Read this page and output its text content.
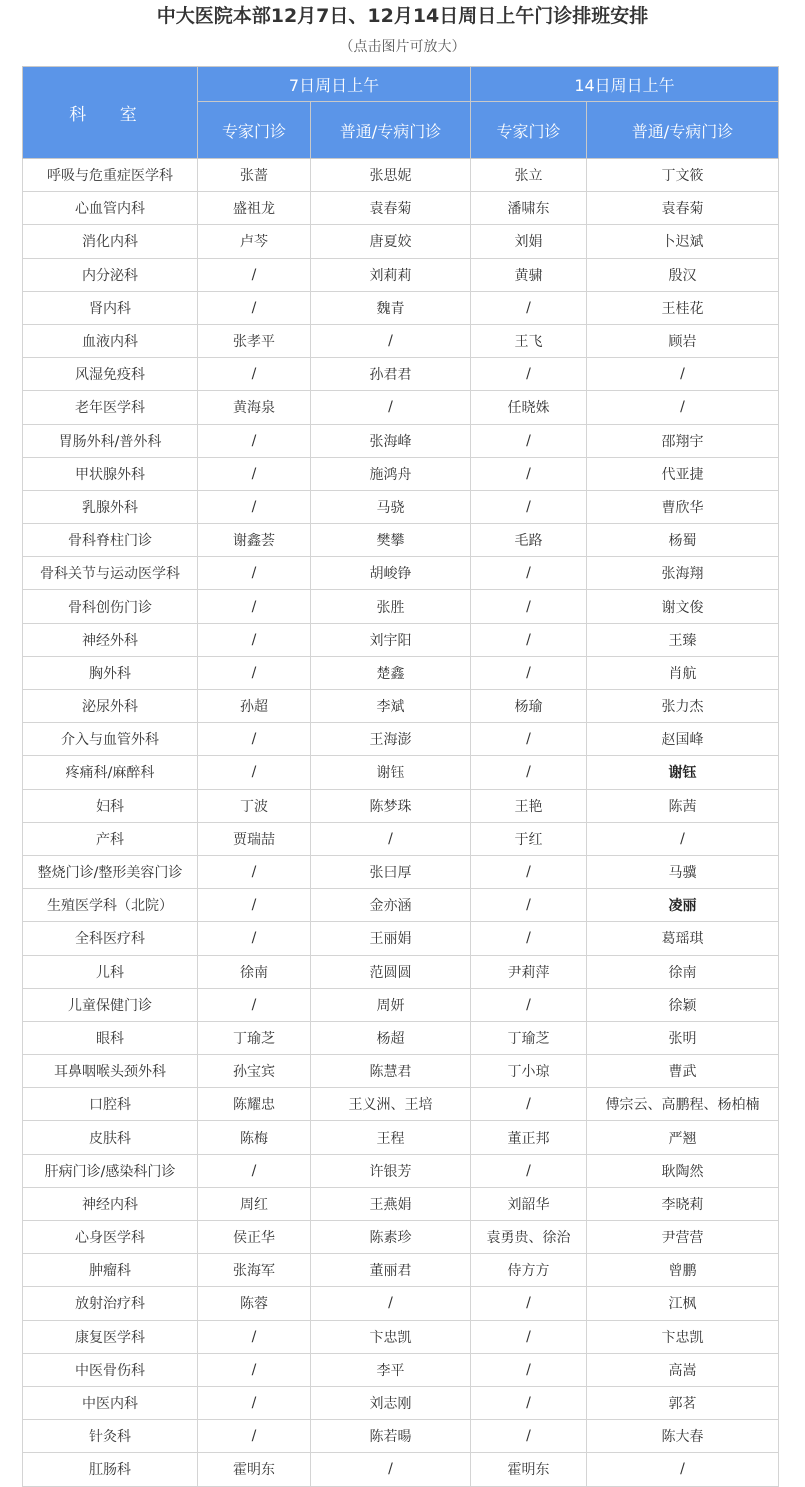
中大医院本部12月7日、12月14日周日上午门诊排班安排
（点击图片可放大）
科 室	7日周日上午		14日周日上午	
	专家门诊	普通/专病门诊	专家门诊	普通/专病门诊
呼吸与危重症医学科	张蔷	张思妮	张立	丁文筱
心血管内科	盛祖龙	袁春菊	潘啸东	袁春菊
消化内科	卢芩	唐夏姣	刘娟	卜迟斌
内分泌科	/	刘莉莉	黄骕	殷汉
肾内科	/	魏青	/	王桂花
血液内科	张孝平	/	王飞	顾岩
风湿免疫科	/	孙君君	/	/
老年医学科	黄海泉	/	任晓姝	/
胃肠外科/普外科	/	张海峰	/	邵翔宇
甲状腺外科	/	施鸿舟	/	代亚捷
乳腺外科	/	马骁	/	曹欣华
骨科脊柱门诊	谢鑫荟	樊攀	毛路	杨蜀
骨科关节与运动医学科	/	胡峻铮	/	张海翔
骨科创伤门诊	/	张胜	/	谢文俊
神经外科	/	刘宇阳	/	王臻
胸外科	/	楚鑫	/	肖航
泌尿外科	孙超	李斌	杨瑜	张力杰
介入与血管外科	/	王海澎	/	赵国峰
疼痛科/麻醉科	/	谢钰	/	谢钰
妇科	丁波	陈梦珠	王艳	陈茜
产科	贾瑞喆	/	于红	/
整烧门诊/整形美容门诊	/	张曰厚	/	马骥
生殖医学科（北院）	/	金亦涵	/	凌丽
全科医疗科	/	王丽娟	/	葛瑶琪
儿科	徐南	范圆圆	尹莉萍	徐南
儿童保健门诊	/	周妍	/	徐颖
眼科	丁瑜芝	杨超	丁瑜芝	张明
耳鼻咽喉头颈外科	孙宝宾	陈慧君	丁小琼	曹武
口腔科	陈耀忠	王义洲、王培	/	傅宗云、高鹏程、杨柏楠
皮肤科	陈梅	王程	董正邦	严翘
肝病门诊/感染科门诊	/	许银芳	/	耿陶然
神经内科	周红	王燕娟	刘韶华	李晓莉
心身医学科	侯正华	陈素珍	袁勇贵、徐治	尹营营
肿瘤科	张海军	董丽君	侍方方	曾鹏
放射治疗科	陈蓉	/	/	江枫
康复医学科	/	卞忠凯	/	卞忠凯
中医骨伤科	/	李平	/	高嵩
中医内科	/	刘志刚	/	郭茗
针灸科	/	陈若暘	/	陈大春
肛肠科	霍明东	/	霍明东	/
